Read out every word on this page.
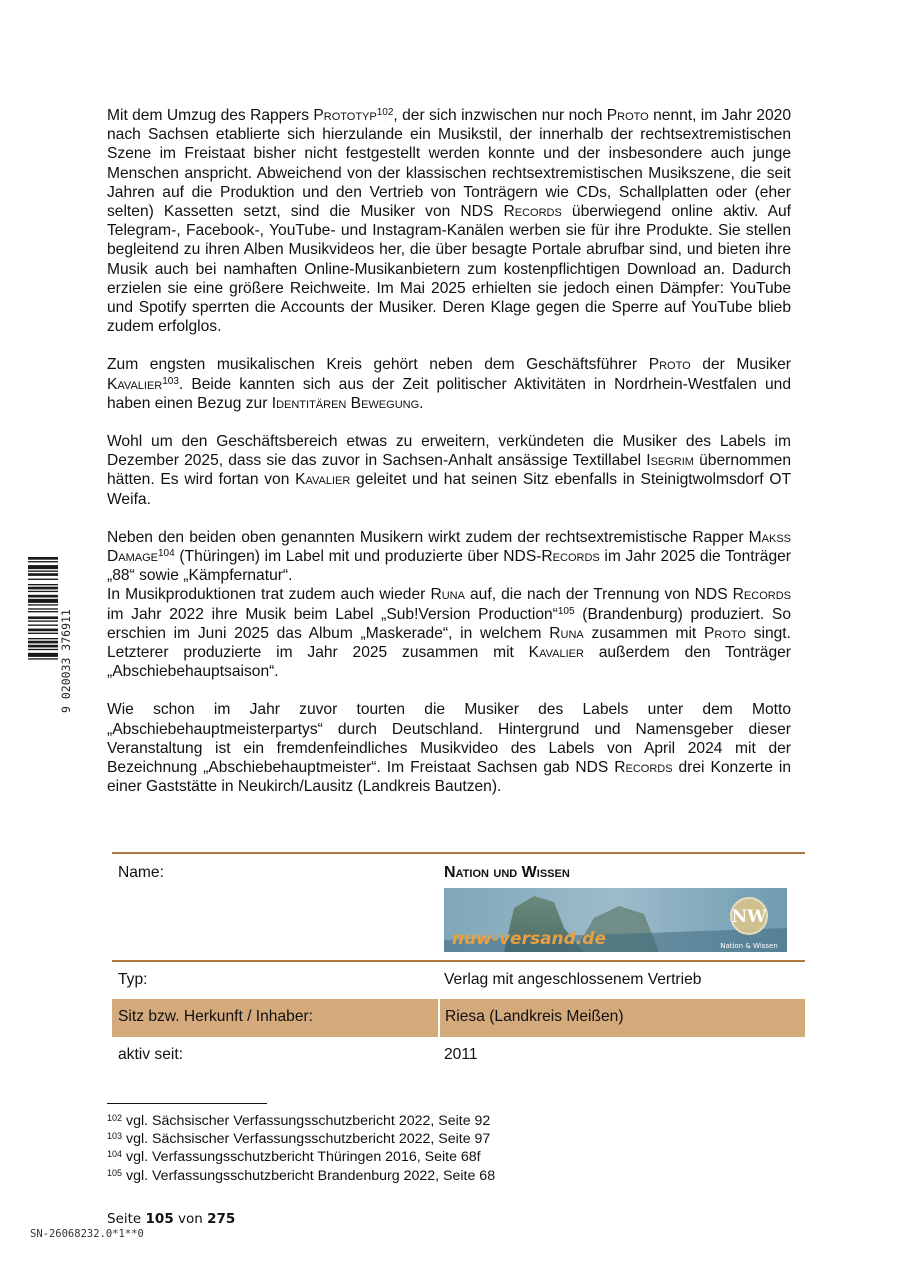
Mit dem Umzug des Rappers Prototyp$^{102}$, der sich inzwischen nur noch Proto nennt, im Jahr 2020 nach Sachsen etablierte sich hierzulande ein Musikstil, der innerhalb der rechtsextremistischen Szene im Freistaat bisher nicht festgestellt werden konnte und der insbesondere auch junge Menschen anspricht. Abweichend von der klassischen rechtsextremistischen Musikszene, die seit Jahren auf die Produktion und den Vertrieb von Tonträgern wie CDs, Schallplatten oder (eher selten) Kassetten setzt, sind die Musiker von NDS Records überwiegend online aktiv. Auf Telegram-, Facebook-, YouTube- und Instagram-Kanälen werben sie für ihre Produkte. Sie stellen begleitend zu ihren Alben Musikvideos her, die über besagte Portale abrufbar sind, und bieten ihre Musik auch bei namhaften Online-Musikanbietern zum kostenpflichtigen Download an. Dadurch erzielen sie eine größere Reichweite. Im Mai 2025 erhielten sie jedoch einen Dämpfer: YouTube und Spotify sperrten die Accounts der Musiker. Deren Klage gegen die Sperre auf YouTube blieb zudem erfolglos.

Zum engsten musikalischen Kreis gehört neben dem Geschäftsführer Proto der Musiker Kavalier$^{103}$. Beide kannten sich aus der Zeit politischer Aktivitäten in Nordrhein-Westfalen und haben einen Bezug zur Identitären Bewegung.

Wohl um den Geschäftsbereich etwas zu erweitern, verkündeten die Musiker des Labels im Dezember 2025, dass sie das zuvor in Sachsen-Anhalt ansässige Textillabel Isegrim übernommen hätten. Es wird fortan von Kavalier geleitet und hat seinen Sitz ebenfalls in Steinigtwolmsdorf OT Weifa.

Neben den beiden oben genannten Musikern wirkt zudem der rechtsextremistische Rapper Makss Damage$^{104}$ (Thüringen) im Label mit und produzierte über NDS-Records im Jahr 2025 die Tonträger „88“ sowie „Kämpfernatur“.

In Musikproduktionen trat zudem auch wieder Runa auf, die nach der Trennung von NDS Records im Jahr 2022 ihre Musik beim Label „Sub!Version Production“$^{105}$ (Brandenburg) produziert. So erschien im Juni 2025 das Album „Maskerade“, in welchem Runa zusammen mit Proto singt. Letzterer produzierte im Jahr 2025 zusammen mit Kavalier außerdem den Tonträger „Abschiebehauptsaison“.

Wie schon im Jahr zuvor tourten die Musiker des Labels unter dem Motto „Abschiebehauptmeisterpartys“ durch Deutschland. Hintergrund und Namensgeber dieser Veranstaltung ist ein fremdenfeindliches Musikvideo des Labels von April 2024 mit der Bezeichnung „Abschiebehauptmeister“. Im Freistaat Sachsen gab NDS Records drei Konzerte in einer Gaststätte in Neukirch/Lausitz (Landkreis Bautzen).

9 020033 376911
Name:	Nation und Wissen
nuw-versand.de
NW
Nation & Wissen

Typ:	Verlag mit angeschlossenem Vertrieb
Sitz bzw. Herkunft / Inhaber:	Riesa (Landkreis Meißen)
aktiv seit:	2011
$^{102}$ vgl. Sächsischer Verfassungsschutzbericht 2022, Seite 92
$^{103}$ vgl. Sächsischer Verfassungsschutzbericht 2022, Seite 97
$^{104}$ vgl. Verfassungsschutzbericht Thüringen 2016, Seite 68f
$^{105}$ vgl. Verfassungsschutzbericht Brandenburg 2022, Seite 68
Seite 105 von 275
SN-26068232.0*1**0
